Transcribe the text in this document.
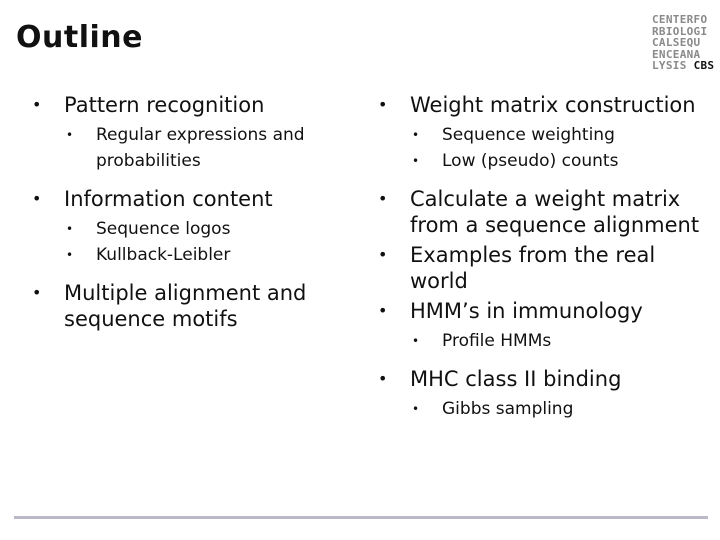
Outline
CENTERFO
RBIOLOGI
CALSEQU
ENCEANA
LYSIS CBS
• Pattern recognition
• Regular expressions and probabilities
• Information content
• Sequence logos
• Kullback-Leibler
• Multiple alignment and sequence motifs
• Weight matrix construction
• Sequence weighting
• Low (pseudo) counts
• Calculate a weight matrix from a sequence alignment
• Examples from the real world
• HMM’s in immunology
• Profile HMMs
• MHC class II binding
• Gibbs sampling
